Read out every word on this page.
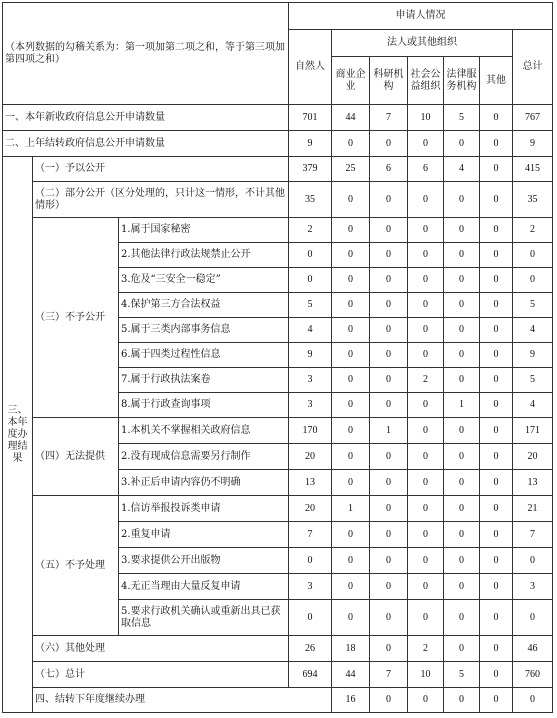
（本列数据的勾稽关系为：第一项加第二项之和，等于第三项加第四项之和）			申请人情况							
			自然人	法人或其他组织					总计	
				商业企业	科研机构	社会公益组织	法律服务机构	其他		
一、本年新收政府信息公开申请数量			701	44	7	10	5	0	767	
二、上年结转政府信息公开申请数量			9	0	0	0	0	0	9	
三、本年度办理结果	（一）予以公开		379	25	6	6	4	0	415	
	（二）部分公开（区分处理的，只计这一情形，不计其他情形）		35	0	0	0	0	0	35	
	（三）不予公开	1.属于国家秘密	2	0	0	0	0	0	2	
		2.其他法律行政法规禁止公开	0	0	0	0	0	0	0	
		3.危及“三安全一稳定”	0	0	0	0	0	0	0	
		4.保护第三方合法权益	5	0	0	0	0	0	5	
		5.属于三类内部事务信息	4	0	0	0	0	0	4	
		6.属于四类过程性信息	9	0	0	0	0	0	9	
		7.属于行政执法案卷	3	0	0	2	0	0	5	
		8.属于行政查询事项	3	0	0	0	1	0	4	
	（四）无法提供	1.本机关不掌握相关政府信息	170	0	1	0	0	0	171	
		2.没有现成信息需要另行制作	20	0	0	0	0	0	20	
		3.补正后申请内容仍不明确	13	0	0	0	0	0	13	
	（五）不予处理	1.信访举报投诉类申请	20	1	0	0	0	0	21	
		2.重复申请	7	0	0	0	0	0	7	
		3.要求提供公开出版物	0	0	0	0	0	0	0	
		4.无正当理由大量反复申请	3	0	0	0	0	0	3	
		5.要求行政机关确认或重新出具已获取信息	0	0	0	0	0	0	0	
	（六）其他处理		26	18	0	2	0	0	46	
	（七）总计		694	44	7	10	5	0	760	
	四、结转下年度继续办理			16	0	0	0	0	0	
